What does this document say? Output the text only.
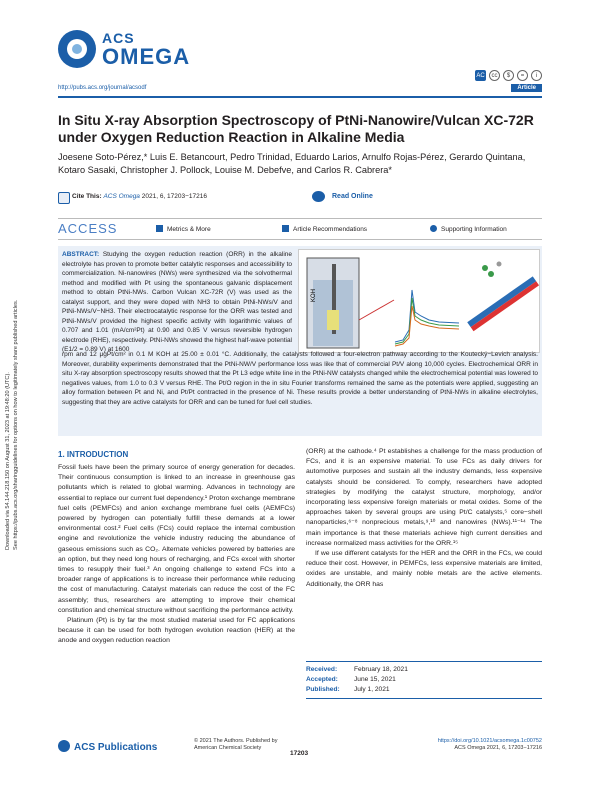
Downloaded via 54.144.218.150 on August 31, 2023 at 19:48:20 (UTC). See https://pubs.acs.org/sharingguidelines for options on how to legitimately share published articles.
ACS
OMEGA
AC	cc	$	=	i
http://pubs.acs.org/journal/acsodf	Article
In Situ X-ray Absorption Spectroscopy of PtNi-Nanowire/Vulcan XC-72R under Oxygen Reduction Reaction in Alkaline Media
Joesene Soto-Pérez,* Luis E. Betancourt, Pedro Trinidad, Eduardo Larios, Arnulfo Rojas-Pérez, Gerardo Quintana, Kotaro Sasaki, Christopher J. Pollock, Louise M. Debefve, and Carlos R. Cabrera*
Cite This: ACS Omega 2021, 6, 17203−17216	Read Online
ACCESS	Metrics & More	Article Recommendations	Supporting Information
ABSTRACT: Studying the oxygen reduction reaction (ORR) in the alkaline electrolyte has proven to promote better catalytic responses and accessibility to commercialization. Ni-nanowires (NWs) were synthesized via the solvothermal method and modified with Pt using the spontaneous galvanic displacement method to obtain PtNi-NWs. Carbon Vulcan XC-72R (V) was used as the catalyst support, and they were doped with NH3 to obtain PtNi-NWs/V and PtNi-NWs/V−NH3. Their electrocatalytic response for the ORR was tested and PtNi-NWs/V provided the highest specific activity with logarithmic values of 0.707 and 1.01 (mA/cm²Pt) at 0.90 and 0.85 V versus reversible hydrogen electrode (RHE), respectively. PtNi-NWs showed the highest half-wave potential (E1/2 = 0.89 V) at 1600
KOH
rpm and 12 μgPt/cm² in 0.1 M KOH at 25.00 ± 0.01 °C. Additionally, the catalysts followed a four-electron pathway according to the Koutecký−Levich analysis. Moreover, durability experiments demonstrated that the PtNi-NW/V performance loss was like that of commercial Pt/V along 10,000 cycles. Electrochemical ORR in situ X-ray absorption spectroscopy results showed that the Pt L3 edge white line in the PtNi-NW catalysts changed while the electrochemical potential was lowered to negatives values, from 1.0 to 0.3 V versus RHE. The Pt/O region in the in situ Fourier transforms remained the same as the potentials were applied, suggesting an alloy formation between Pt and Ni, and Pt/Pt contracted in the presence of Ni. These results provide a better understanding of PtNi-NWs in alkaline electrolytes, suggesting that they are active catalysts for ORR and can be tuned for fuel cell studies.
1. INTRODUCTION

Fossil fuels have been the primary source of energy generation for decades. Their continuous consumption is linked to an increase in greenhouse gas pollutants which is related to global warming. Advances in technology are essential to replace our current fuel dependency.¹ Proton exchange membrane fuel cells (PEMFCs) and anion exchange membrane fuel cells (AEMFCs) powered by hydrogen can potentially fulfill these demands at a lower environmental cost.² Fuel cells (FCs) could replace the internal combustion engine and revolutionize the vehicle industry reducing the abundance of gaseous emissions such as CO₂. Alternate vehicles powered by batteries are an option, but they need long hours of recharging, and FCs excel with shorter times to resupply their fuel.³ An ongoing challenge to extend FCs into a broader range of applications is to increase their performance while reducing the cost of manufacturing. Catalyst materials can reduce the cost of the FC assembly; thus, researchers are attempting to improve their chemical constitution and chemical structure without sacrificing the performance activity.

Platinum (Pt) is by far the most studied material used for FC applications because it can be used for both hydrogen evolution reaction (HER) at the anode and oxygen reduction reaction

(ORR) at the cathode.⁴ Pt establishes a challenge for the mass production of FCs, and it is an expensive material. To use FCs as daily drivers for automotive purposes and sustain all the industry demands, less expensive catalysts should be considered. To comply, researchers have adopted strategies by modifying the catalyst structure, morphology, and/or incorporating less expensive foreign materials or metal oxides. Some of the approaches taken by several groups are using Pt/C catalysts,⁵ core−shell nanoparticles,⁶⁻⁸ nonprecious metals,⁹,¹⁰ and nanowires (NWs).¹¹⁻¹⁴ The main importance is that these materials achieve high current densities and increase normalized mass activities for the ORR.¹⁵

If we use different catalysts for the HER and the ORR in the FCs, we could reduce their cost. However, in PEMFCs, less expensive materials are limited, oxides are unstable, and mainly noble metals are the active elements. Additionally, the ORR has

Received:	February 18, 2021
Accepted: June 15, 2021
Published: July 1, 2021
ACS Publications
© 2021 The Authors. Published by
American Chemical Society
17203
https://doi.org/10.1021/acsomega.1c00752
ACS Omega 2021, 6, 17203−17216
